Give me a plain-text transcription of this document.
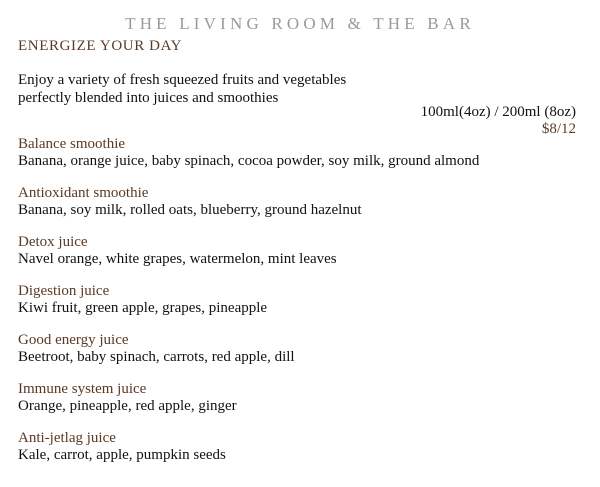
THE LIVING ROOM & THE BAR
ENERGIZE YOUR DAY
Enjoy a variety of fresh squeezed fruits and vegetables
perfectly blended into juices and smoothies
100ml(4oz) / 200ml (8oz)
$8/12
Balance smoothie
Banana, orange juice, baby spinach, cocoa powder, soy milk, ground almond
Antioxidant smoothie
Banana, soy milk, rolled oats, blueberry, ground hazelnut
Detox juice
Navel orange, white grapes, watermelon, mint leaves
Digestion juice
Kiwi fruit, green apple, grapes, pineapple
Good energy juice
Beetroot, baby spinach, carrots, red apple, dill
Immune system juice
Orange, pineapple, red apple, ginger
Anti-jetlag juice
Kale, carrot, apple, pumpkin seeds
